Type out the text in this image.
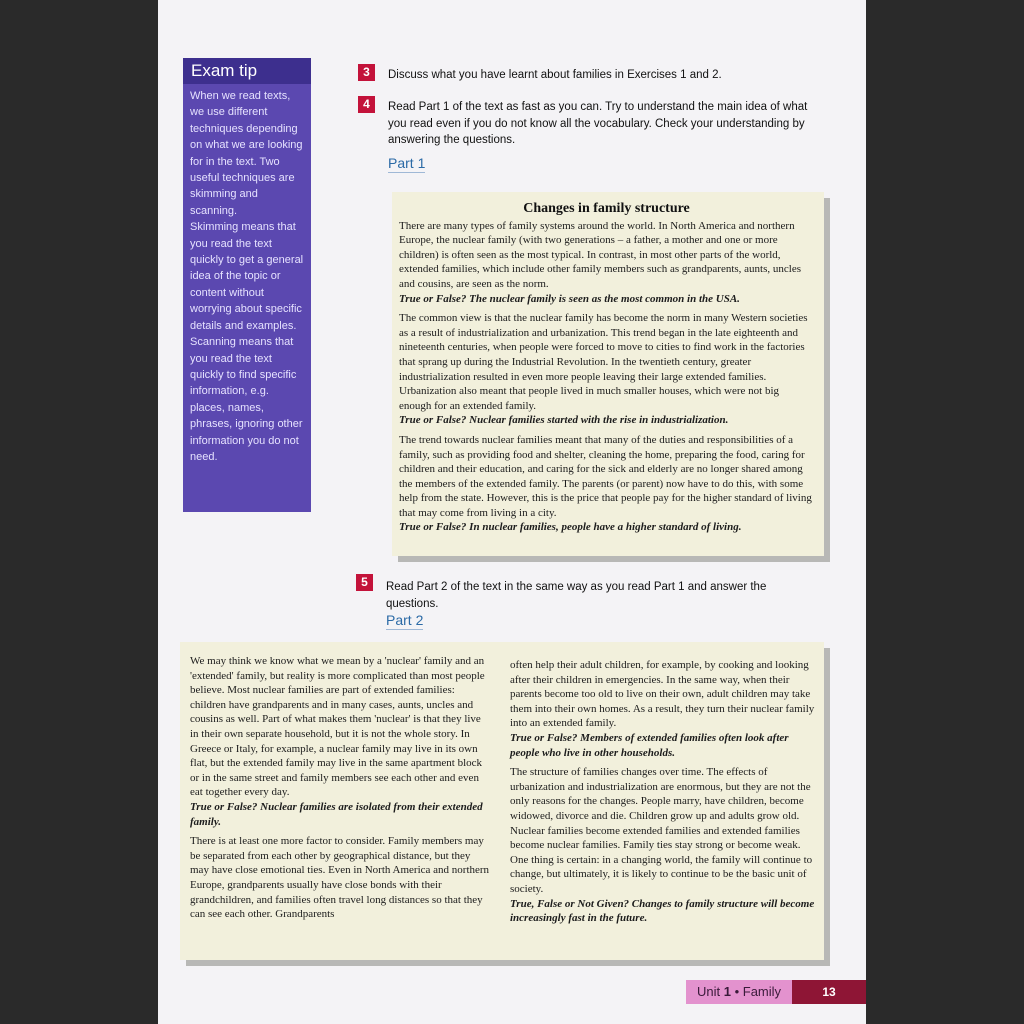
Exam tip

When we read texts, we use different techniques depending on what we are looking for in the text. Two useful techniques are skimming and scanning.

Skimming means that you read the text quickly to get a general idea of the topic or content without worrying about specific details and examples.

Scanning means that you read the text quickly to find specific information, e.g. places, names, phrases, ignoring other information you do not need.

3	Discuss what you have learnt about families in Exercises 1 and 2.
4	Read Part 1 of the text as fast as you can. Try to understand the main idea of what you read even if you do not know all the vocabulary. Check your understanding by answering the questions.
Part 1
Changes in family structure

There are many types of family systems around the world. In North America and northern Europe, the nuclear family (with two generations – a father, a mother and one or more children) is often seen as the most typical. In contrast, in most other parts of the world, extended families, which include other family members such as grandparents, aunts, uncles and cousins, are seen as the norm.

True or False? The nuclear family is seen as the most common in the USA.

The common view is that the nuclear family has become the norm in many Western societies as a result of industrialization and urbanization. This trend began in the late eighteenth and nineteenth centuries, when people were forced to move to cities to find work in the factories that sprang up during the Industrial Revolution. In the twentieth century, greater industrialization resulted in even more people leaving their large extended families. Urbanization also meant that people lived in much smaller houses, which were not big enough for an extended family.

True or False? Nuclear families started with the rise in industrialization.

The trend towards nuclear families meant that many of the duties and responsibilities of a family, such as providing food and shelter, cleaning the home, preparing the food, caring for children and their education, and caring for the sick and elderly are no longer shared among the members of the extended family. The parents (or parent) now have to do this, with some help from the state. However, this is the price that people pay for the higher standard of living that may come from living in a city.

True or False? In nuclear families, people have a higher standard of living.

5	Read Part 2 of the text in the same way as you read Part 1 and answer the questions.
Part 2

We may think we know what we mean by a 'nuclear' family and an 'extended' family, but reality is more complicated than most people believe. Most nuclear families are part of extended families: children have grandparents and in many cases, aunts, uncles and cousins as well. Part of what makes them 'nuclear' is that they live in their own separate household, but it is not the whole story. In Greece or Italy, for example, a nuclear family may live in its own flat, but the extended family may live in the same apartment block or in the same street and family members see each other and even eat together every day.

True or False? Nuclear families are isolated from their extended family.

There is at least one more factor to consider. Family members may be separated from each other by geographical distance, but they may have close emotional ties. Even in North America and northern Europe, grandparents usually have close bonds with their grandchildren, and families often travel long distances so that they can see each other. Grandparents

often help their adult children, for example, by cooking and looking after their children in emergencies. In the same way, when their parents become too old to live on their own, adult children may take them into their own homes. As a result, they turn their nuclear family into an extended family.

True or False? Members of extended families often look after people who live in other households.

The structure of families changes over time. The effects of urbanization and industrialization are enormous, but they are not the only reasons for the changes. People marry, have children, become widowed, divorce and die. Children grow up and adults grow old. Nuclear families become extended families and extended families become nuclear families. Family ties stay strong or become weak. One thing is certain: in a changing world, the family will continue to change, but ultimately, it is likely to continue to be the basic unit of society.

True, False or Not Given? Changes to family structure will become increasingly fast in the future.

Unit 1 • Family	13
